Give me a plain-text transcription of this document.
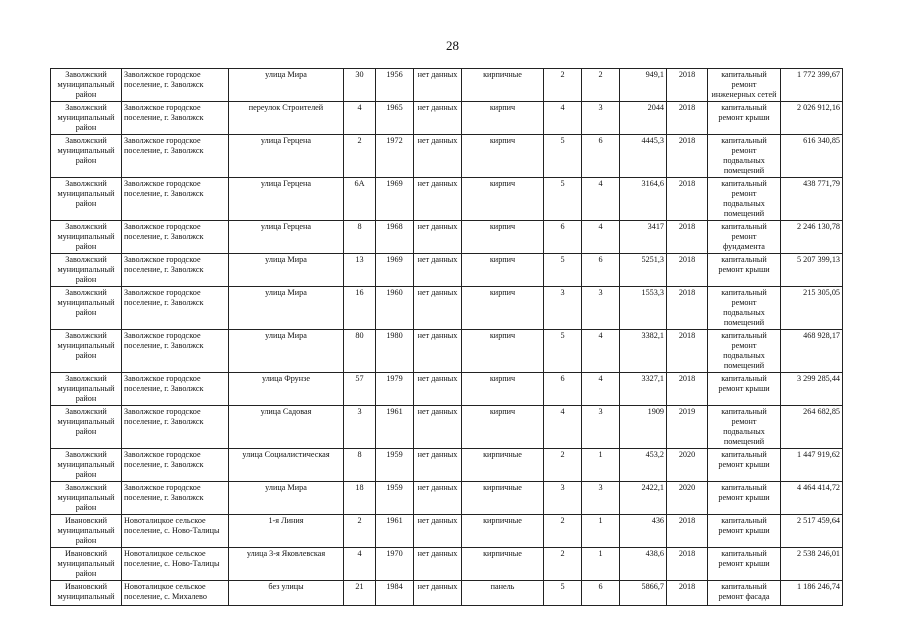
28
Заволжский муниципальный район	Заволжское городское поселение, г. Заволжск	улица Мира	30	1956	нет данных	кирпичные	2	2	949,1	2018	капитальный ремонт инженерных сетей	1 772 399,67
Заволжский муниципальный район	Заволжское городское поселение, г. Заволжск	переулок Строителей	4	1965	нет данных	кирпич	4	3	2044	2018	капитальный ремонт крыши	2 026 912,16
Заволжский муниципальный район	Заволжское городское поселение, г. Заволжск	улица Герцена	2	1972	нет данных	кирпич	5	6	4445,3	2018	капитальный ремонт подвальных помещений	616 340,85
Заволжский муниципальный район	Заволжское городское поселение, г. Заволжск	улица Герцена	6А	1969	нет данных	кирпич	5	4	3164,6	2018	капитальный ремонт подвальных помещений	438 771,79
Заволжский муниципальный район	Заволжское городское поселение, г. Заволжск	улица Герцена	8	1968	нет данных	кирпич	6	4	3417	2018	капитальный ремонт фундамента	2 246 130,78
Заволжский муниципальный район	Заволжское городское поселение, г. Заволжск	улица Мира	13	1969	нет данных	кирпич	5	6	5251,3	2018	капитальный ремонт крыши	5 207 399,13
Заволжский муниципальный район	Заволжское городское поселение, г. Заволжск	улица Мира	16	1960	нет данных	кирпич	3	3	1553,3	2018	капитальный ремонт подвальных помещений	215 305,05
Заволжский муниципальный район	Заволжское городское поселение, г. Заволжск	улица Мира	80	1980	нет данных	кирпич	5	4	3382,1	2018	капитальный ремонт подвальных помещений	468 928,17
Заволжский муниципальный район	Заволжское городское поселение, г. Заволжск	улица Фрунзе	57	1979	нет данных	кирпич	6	4	3327,1	2018	капитальный ремонт крыши	3 299 285,44
Заволжский муниципальный район	Заволжское городское поселение, г. Заволжск	улица Садовая	3	1961	нет данных	кирпич	4	3	1909	2019	капитальный ремонт подвальных помещений	264 682,85
Заволжский муниципальный район	Заволжское городское поселение, г. Заволжск	улица Социалистическая	8	1959	нет данных	кирпичные	2	1	453,2	2020	капитальный ремонт крыши	1 447 919,62
Заволжский муниципальный район	Заволжское городское поселение, г. Заволжск	улица Мира	18	1959	нет данных	кирпичные	3	3	2422,1	2020	капитальный ремонт крыши	4 464 414,72
Ивановский муниципальный район	Новоталицкое сельское поселение, с. Ново-Талицы	1-я Линия	2	1961	нет данных	кирпичные	2	1	436	2018	капитальный ремонт крыши	2 517 459,64
Ивановский муниципальный район	Новоталицкое сельское поселение, с. Ново-Талицы	улица 3-я Яковлевская	4	1970	нет данных	кирпичные	2	1	438,6	2018	капитальный ремонт крыши	2 538 246,01
Ивановский муниципальный	Новоталицкое сельское поселение, с. Михалево	без улицы	21	1984	нет данных	панель	5	6	5866,7	2018	капитальный ремонт фасада	1 186 246,74
